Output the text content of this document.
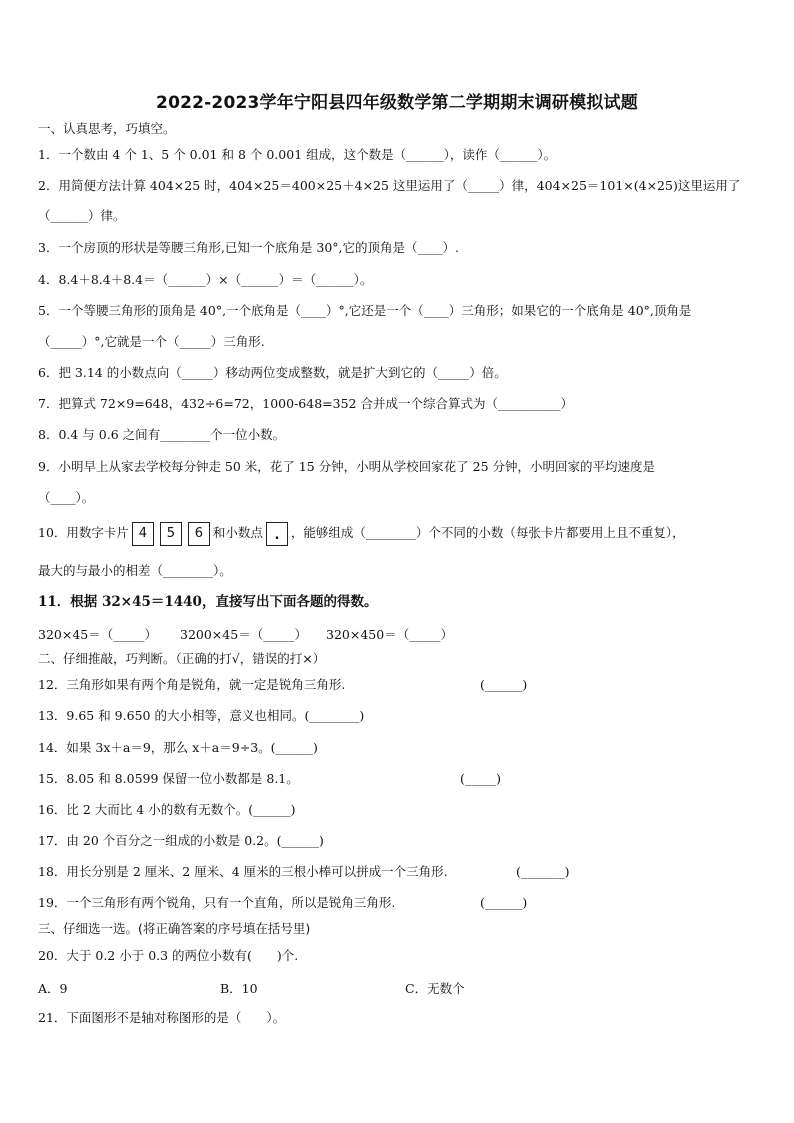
2022-2023学年宁阳县四年级数学第二学期期末调研模拟试题
一、认真思考，巧填空。
1．一个数由 4 个 1、5 个 0.01 和 8 个 0.001 组成，这个数是（______），读作（______）。
2．用简便方法计算 404×25 时，404×25＝400×25＋4×25 这里运用了（_____）律，404×25＝101×(4×25)这里运用了
（______）律。
3．一个房顶的形状是等腰三角形,已知一个底角是 30°,它的顶角是（____）.
4．8.4＋8.4＋8.4＝（______）×（______）＝（______）。
5．一个等腰三角形的顶角是 40°,一个底角是（____）°,它还是一个（____）三角形；如果它的一个底角是 40°,顶角是
（_____）°,它就是一个（_____）三角形.
6．把 3.14 的小数点向（_____）移动两位变成整数，就是扩大到它的（_____）倍。
7．把算式 72×9=648，432÷6=72，1000-648=352 合并成一个综合算式为（__________）
8．0.4 与 0.6 之间有________个一位小数。
9．小明早上从家去学校每分钟走 50 米，花了 15 分钟，小明从学校回家花了 25 分钟，小明回家的平均速度是
（____）。
10．用数字卡片 4 5 6 和小数点 . ，能够组成（________）个不同的小数（每张卡片都要用上且不重复），
最大的与最小的相差（________）。
11．根据 32×45＝1440，直接写出下面各题的得数。
320×45＝（_____） 3200×45＝（_____） 320×450＝（_____）
二、仔细推敲，巧判断。（正确的打√，错误的打×）
12．三角形如果有两个角是锐角，就一定是锐角三角形.	(______)
13．9.65 和 9.650 的大小相等，意义也相同。(________)
14．如果 3x＋a＝9，那么 x＋a＝9÷3。(______)
15．8.05 和 8.0599 保留一位小数都是 8.1。	(_____)
16．比 2 大而比 4 小的数有无数个。(______)
17．由 20 个百分之一组成的小数是 0.2。(______)
18．用长分别是 2 厘米、2 厘米、4 厘米的三根小棒可以拼成一个三角形.	(_______)
19．一个三角形有两个锐角，只有一个直角，所以是锐角三角形.	(______)
三、仔细选一选。(将正确答案的序号填在括号里)
20．大于 0.2 小于 0.3 的两位小数有(　　)个.
A．9	B．10	C．无数个
21．下面图形不是轴对称图形的是（　　）。
